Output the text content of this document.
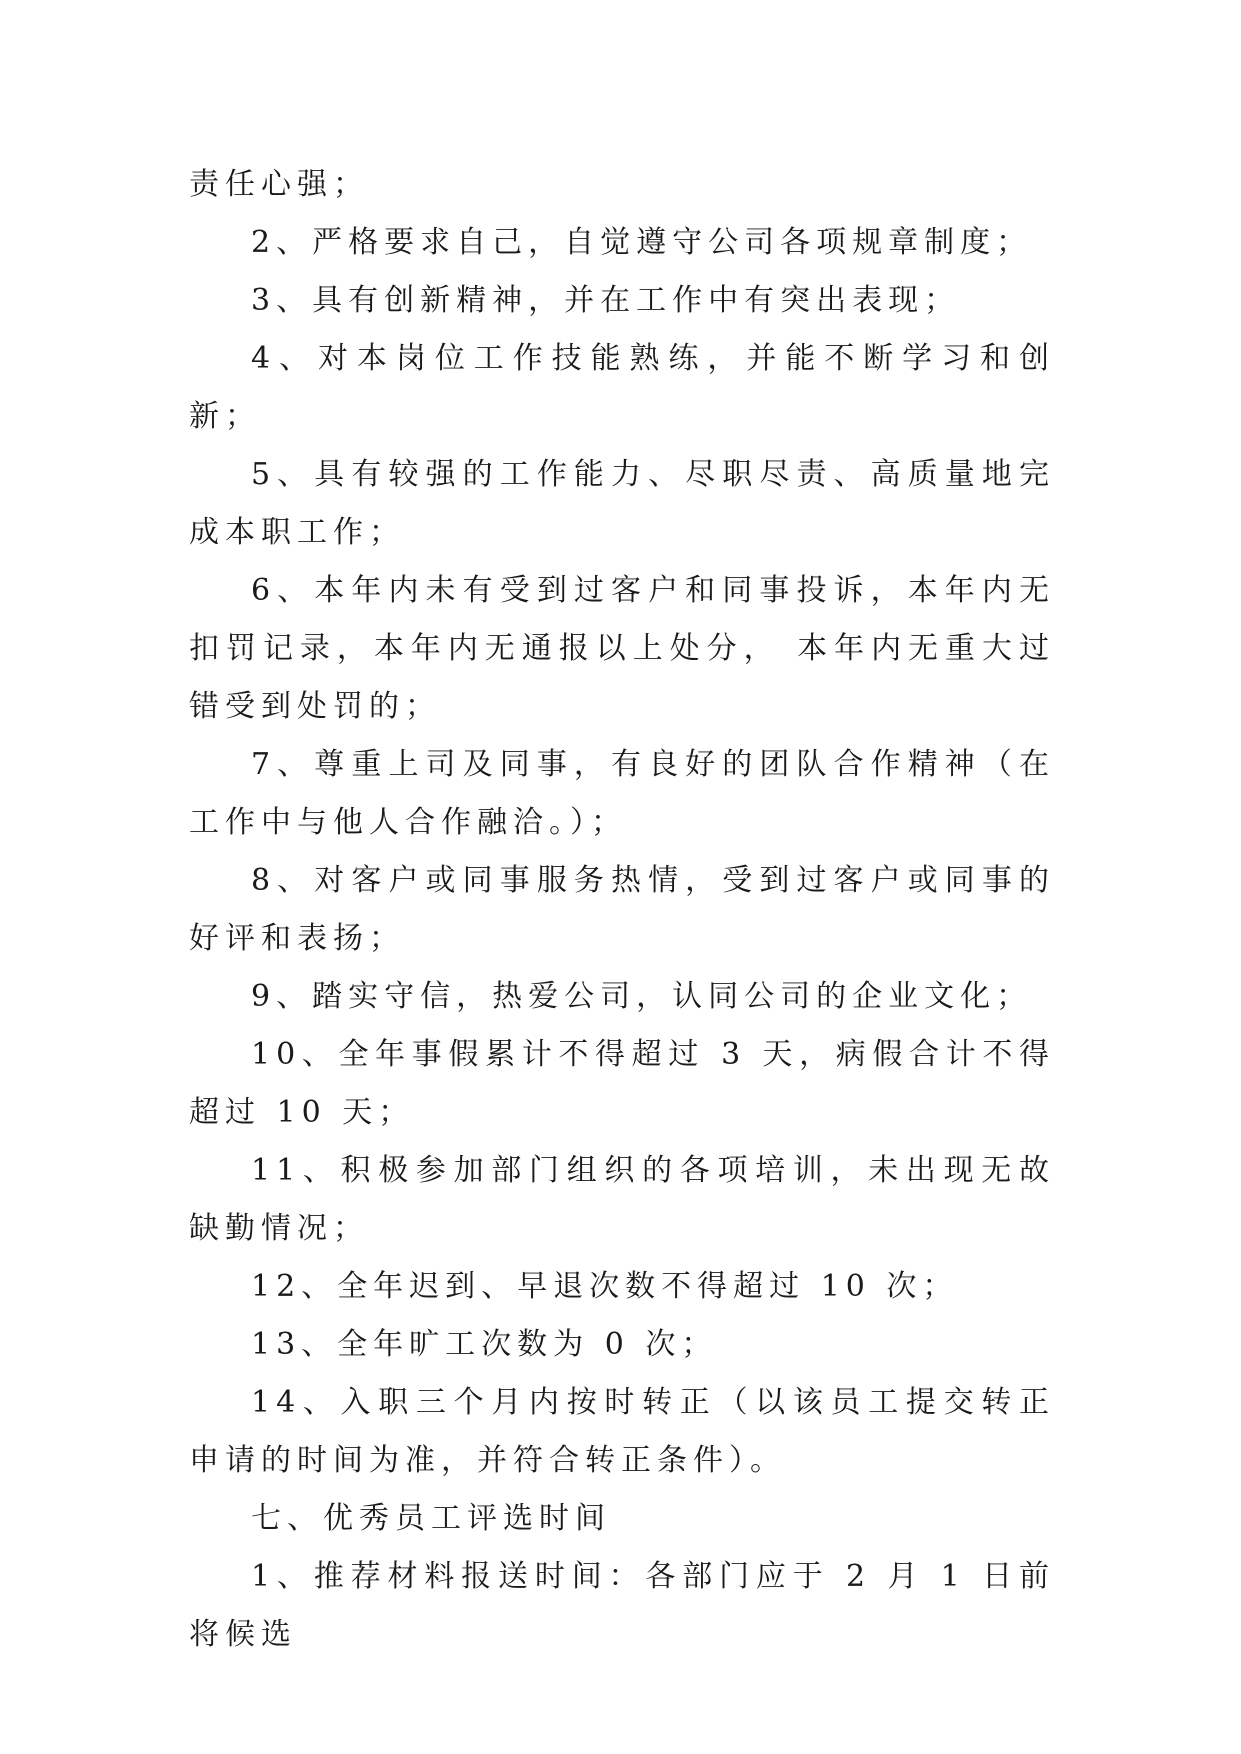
责任心强；

2、严格要求自己，自觉遵守公司各项规章制度；

3、具有创新精神，并在工作中有突出表现；

4、对本岗位工作技能熟练，并能不断学习和创新；

5、具有较强的工作能力、尽职尽责、高质量地完成本职工作；

6、本年内未有受到过客户和同事投诉，本年内无扣罚记录，本年内无通报以上处分， 本年内无重大过错受到处罚的；

7、尊重上司及同事，有良好的团队合作精神（在工作中与他人合作融洽。）；

8、对客户或同事服务热情，受到过客户或同事的好评和表扬；

9、踏实守信，热爱公司，认同公司的企业文化；

10、全年事假累计不得超过 3 天，病假合计不得超过 10 天；

11、积极参加部门组织的各项培训，未出现无故缺勤情况；

12、全年迟到、早退次数不得超过 10 次；

13、全年旷工次数为 0 次；

14、入职三个月内按时转正（以该员工提交转正申请的时间为准，并符合转正条件）。

七、优秀员工评选时间

1、推荐材料报送时间：各部门应于 2 月 1 日前将候选
